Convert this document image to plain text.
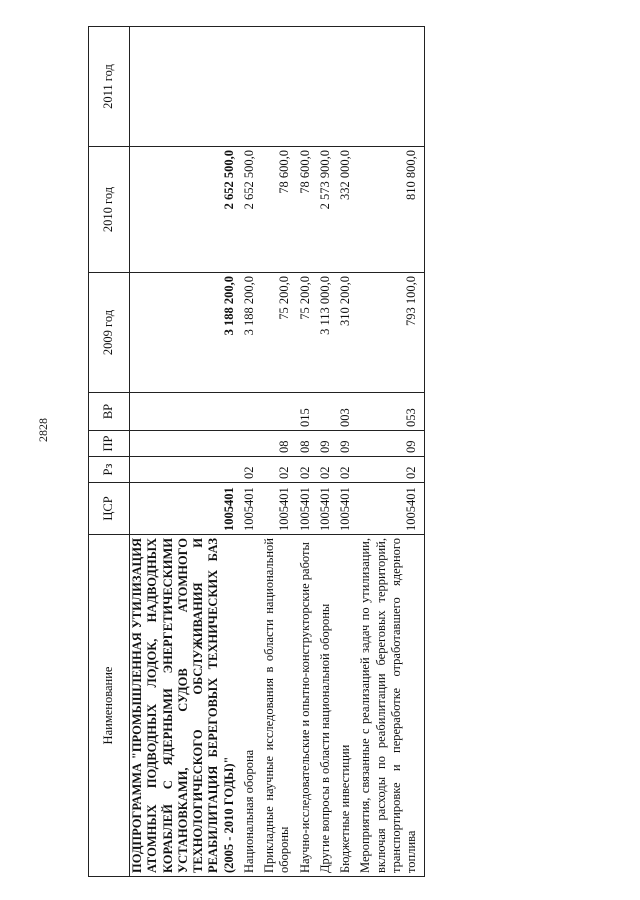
2828
Наименование	ЦСР	Рз	ПР	ВР	2009 год	2010 год	2011 год
ПОДПРОГРАММА "ПРОМЫШЛЕННАЯ УТИЛИЗАЦИЯ АТОМНЫХ ПОДВОДНЫХ ЛОДОК, НАДВОДНЫХ КОРАБЛЕЙ С ЯДЕРНЫМИ ЭНЕРГЕТИЧЕСКИМИ УСТАНОВКАМИ, СУДОВ АТОМНОГО ТЕХНОЛОГИЧЕСКОГО ОБСЛУЖИВАНИЯ И РЕАБИЛИТАЦИЯ БЕРЕГОВЫХ ТЕХНИЧЕСКИХ БАЗ (2005 - 2010 ГОДЫ)"	1005401				3 188 200,0	2 652 500,0	
Национальная оборона	1005401	02			3 188 200,0	2 652 500,0	
Прикладные научные исследования в области национальной обороны	1005401	02	08		75 200,0	78 600,0	
Научно-исследовательские и опытно-конструкторские работы	1005401	02	08	015	75 200,0	78 600,0	
Другие вопросы в области национальной обороны	1005401	02	09		3 113 000,0	2 573 900,0	
Бюджетные инвестиции	1005401	02	09	003	310 200,0	332 000,0	
Мероприятия, связанные с реализацией задач по утилизации, включая расходы по реабилитации береговых территорий, транспортировке и переработке отработавшего ядерного топлива	1005401	02	09	053	793 100,0	810 800,0	
